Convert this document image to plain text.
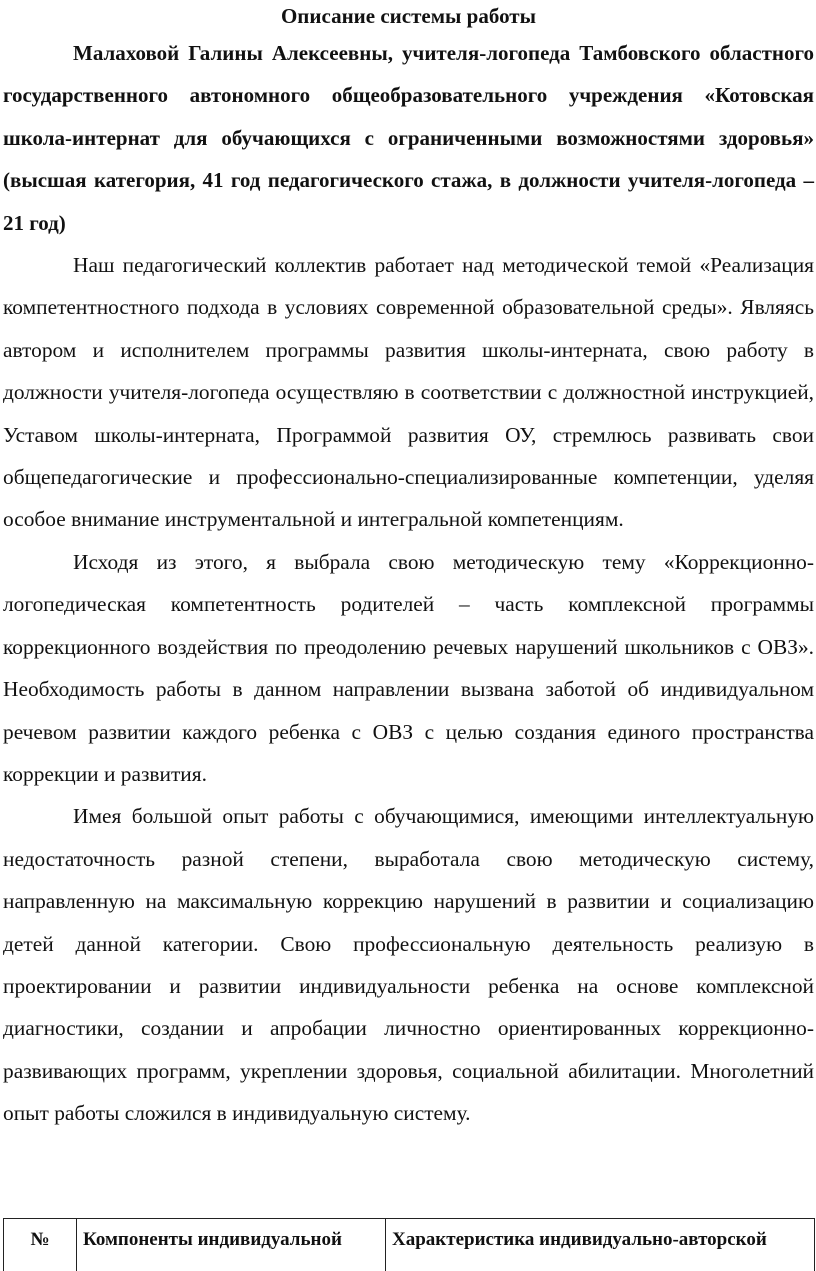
Описание системы работы

Малаховой Галины Алексеевны, учителя-логопеда Тамбовского областного государственного автономного общеобразовательного учреждения «Котовская школа-интернат для обучающихся с ограниченными возможностями здоровья» (высшая категория, 41 год педагогического стажа, в должности учителя-логопеда – 21 год)

Наш педагогический коллектив работает над методической темой «Реализация компетентностного подхода в условиях современной образовательной среды». Являясь автором и исполнителем программы развития школы-интерната, свою работу в должности учителя-логопеда осуществляю в соответствии с должностной инструкцией, Уставом школы-интерната, Программой развития ОУ, стремлюсь развивать свои общепедагогические и профессионально-специализированные компетенции, уделяя особое внимание инструментальной и интегральной компетенциям.

Исходя из этого, я выбрала свою методическую тему «Коррекционно-логопедическая компетентность родителей – часть комплексной программы коррекционного воздействия по преодолению речевых нарушений школьников с ОВЗ». Необходимость работы в данном направлении вызвана заботой об индивидуальном речевом развитии каждого ребенка с ОВЗ с целью создания единого пространства коррекции и развития.

Имея большой опыт работы с обучающимися, имеющими интеллектуальную недостаточность разной степени, выработала свою методическую систему, направленную на максимальную коррекцию нарушений в развитии и социализацию детей данной категории. Свою профессиональную деятельность реализую в проектировании и развитии индивидуальности ребенка на основе комплексной диагностики, создании и апробации личностно ориентированных коррекционно-развивающих программ, укреплении здоровья, социальной абилитации. Многолетний опыт работы сложился в индивидуальную систему.

№	Компоненты индивидуальной	Характеристика индивидуально-авторской
